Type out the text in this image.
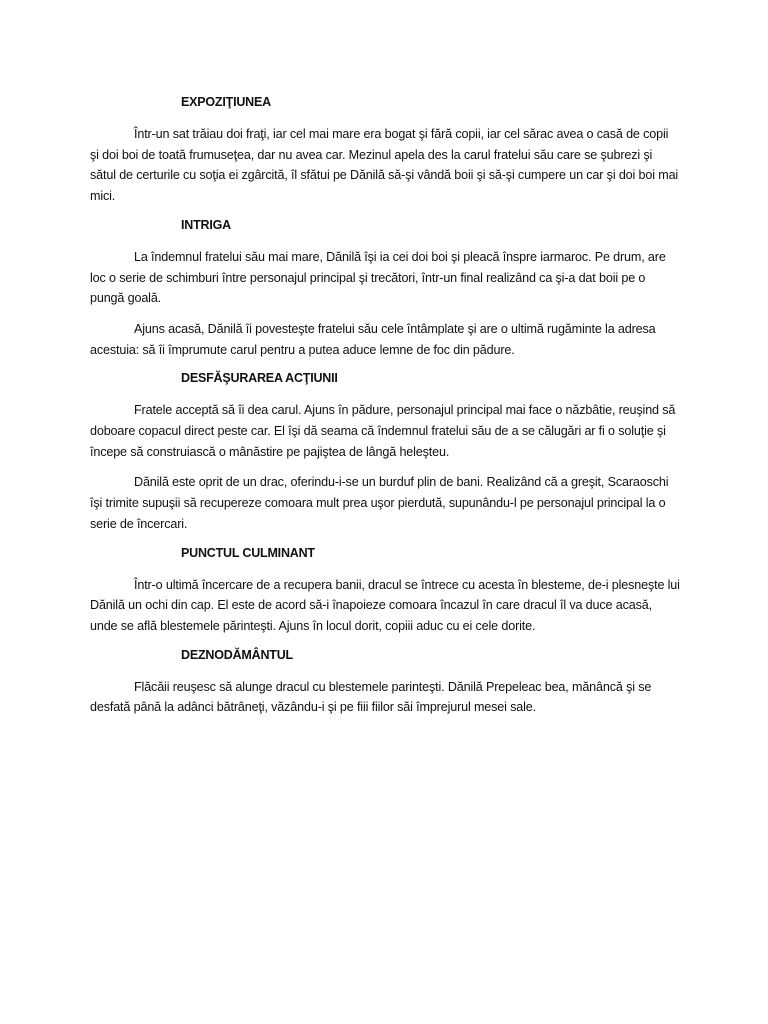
EXPOZIŢIUNEA

Într-un sat trăiau doi fraţi, iar cel mai mare era bogat şi fără copii, iar cel sărac avea o casă de copii şi doi boi de toată frumuseţea, dar nu avea car. Mezinul apela des la carul fratelui său care se şubrezi şi sătul de certurile cu soţia ei zgârcită, îl sfătui pe Dănilă să-şi vândă boii şi să-şi cumpere un car şi doi boi mai mici.

INTRIGA

La îndemnul fratelui său mai mare, Dănilă îşi ia cei doi boi şi pleacă înspre iarmaroc. Pe drum, are loc o serie de schimburi între personajul principal şi trecători, într-un final realizând ca şi-a dat boii pe o pungă goală.

Ajuns acasă, Dănilă îi povesteşte fratelui său cele întâmplate şi are o ultimă rugăminte la adresa acestuia: să îi împrumute carul pentru a putea aduce lemne de foc din pădure.

DESFĂŞURAREA ACŢIUNII

Fratele acceptă să îi dea carul. Ajuns în pădure, personajul principal mai face o năzbâtie, reuşind să doboare copacul direct peste car. El îşi dă seama că îndemnul fratelui său de a se călugări ar fi o soluţie şi începe să construiască o mânăstire pe pajiştea de lângă heleşteu.

Dănilă este oprit de un drac, oferindu-i-se un burduf plin de bani. Realizând că a greşit, Scaraoschi îşi trimite supuşii să recupereze comoara mult prea uşor pierdută, supunându-l pe personajul principal la o serie de încercari.

PUNCTUL CULMINANT

Într-o ultimă încercare de a recupera banii, dracul se întrece cu acesta în blesteme, de-i plesneşte lui Dănilă un ochi din cap. El este de acord să-i înapoieze comoara încazul în care dracul îl va duce acasă, unde se află blestemele părinteşti. Ajuns în locul dorit, copiii aduc cu ei cele dorite.

DEZNODĂMÂNTUL

Flăcăii reuşesc să alunge dracul cu blestemele parinteşti. Dănilă Prepeleac bea, mănâncă şi se desfată până la adânci bătrâneţi, văzându-i şi pe fiii fiilor săi împrejurul mesei sale.
